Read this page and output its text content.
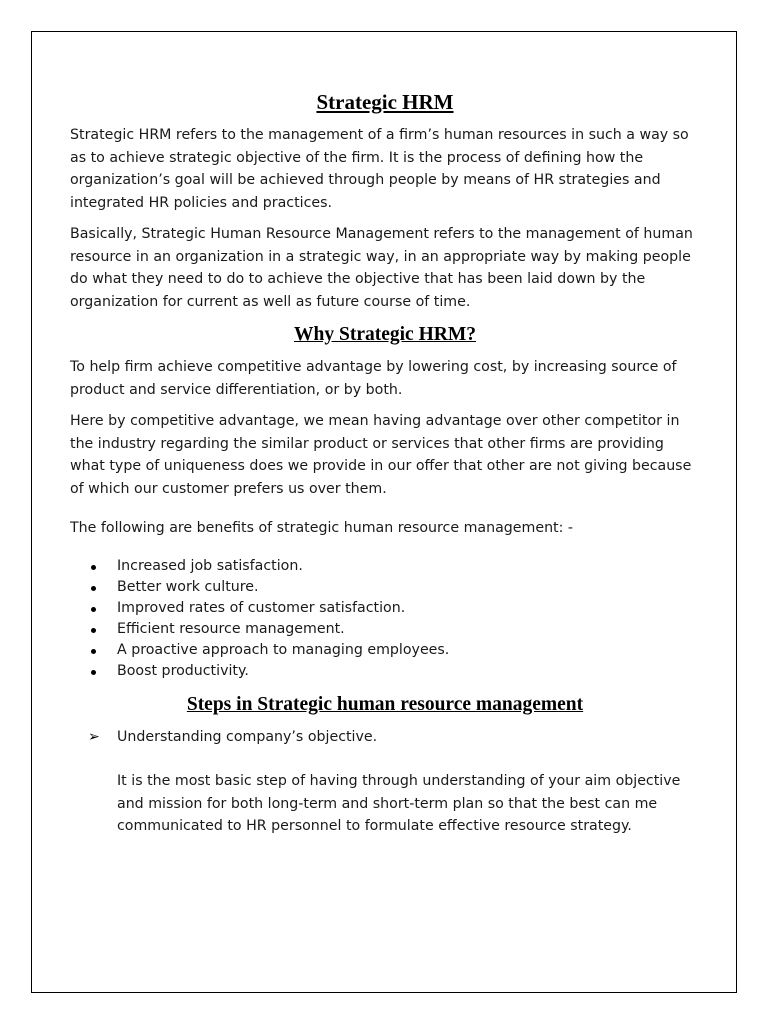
Strategic HRM

Strategic HRM refers to the management of a firm’s human resources in such a way so as to achieve strategic objective of the firm. It is the process of defining how the organization’s goal will be achieved through people by means of HR strategies and integrated HR policies and practices.

Basically, Strategic Human Resource Management refers to the management of human resource in an organization in a strategic way, in an appropriate way by making people do what they need to do to achieve the objective that has been laid down by the organization for current as well as future course of time.

Why Strategic HRM?

To help firm achieve competitive advantage by lowering cost, by increasing source of product and service differentiation, or by both.

Here by competitive advantage, we mean having advantage over other competitor in the industry regarding the similar product or services that other firms are providing what type of uniqueness does we provide in our offer that other are not giving because of which our customer prefers us over them.

The following are benefits of strategic human resource management: -

Increased job satisfaction.
Better work culture.
Improved rates of customer satisfaction.
Efficient resource management.
A proactive approach to managing employees.
Boost productivity.
Steps in Strategic human resource management
➢ Understanding company’s objective.

It is the most basic step of having through understanding of your aim objective and mission for both long-term and short-term plan so that the best can me communicated to HR personnel to formulate effective resource strategy.
